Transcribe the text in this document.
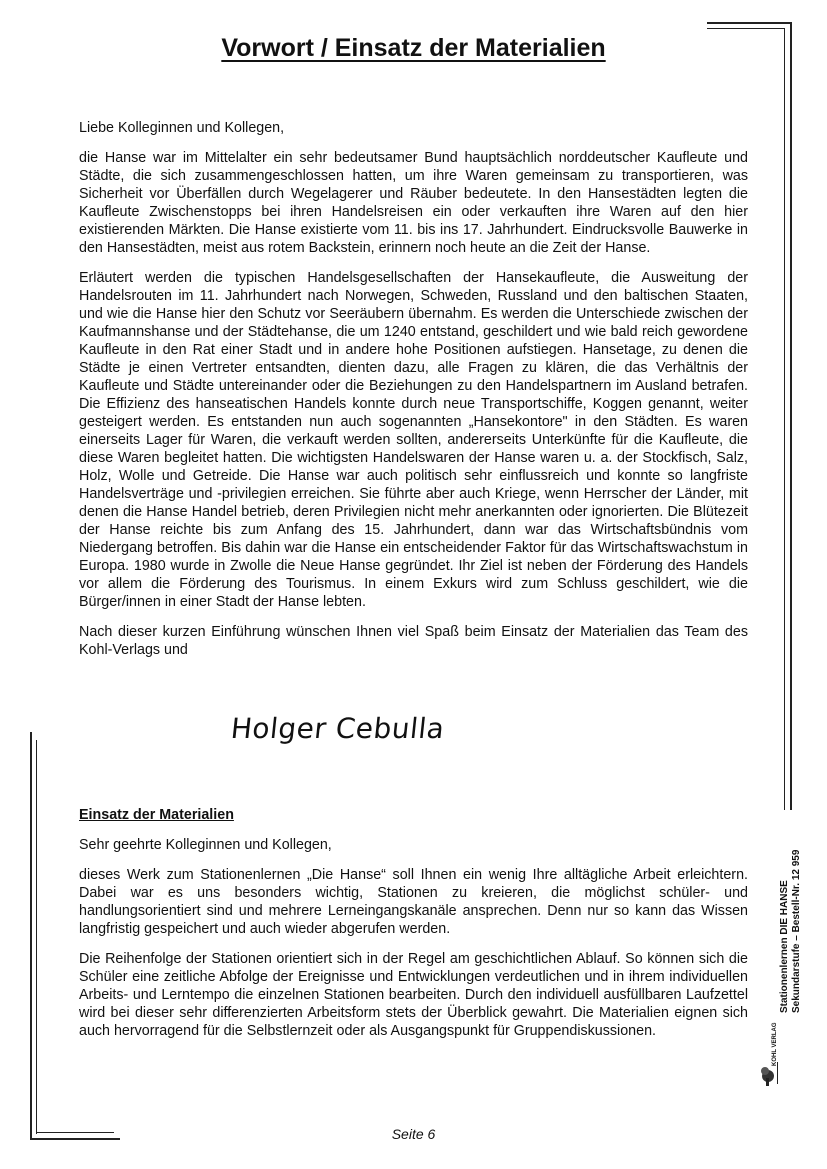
Vorwort / Einsatz der Materialien

Liebe Kolleginnen und Kollegen,

die Hanse war im Mittelalter ein sehr bedeutsamer Bund hauptsächlich norddeutscher Kaufleute und Städte, die sich zusammengeschlossen hatten, um ihre Waren gemeinsam zu transportieren, was Sicherheit vor Überfällen durch Wegelagerer und Räuber bedeutete. In den Hansestädten legten die Kaufleute Zwischenstopps bei ihren Handelsreisen ein oder verkauften ihre Waren auf den hier existierenden Märkten. Die Hanse existierte vom 11. bis ins 17. Jahrhundert. Eindrucksvolle Bauwerke in den Hansestädten, meist aus rotem Backstein, erinnern noch heute an die Zeit der Hanse.

Erläutert werden die typischen Handelsgesellschaften der Hansekaufleute, die Ausweitung der Handelsrouten im 11. Jahrhundert nach Norwegen, Schweden, Russland und den baltischen Staaten, und wie die Hanse hier den Schutz vor Seeräubern übernahm. Es werden die Unterschiede zwischen der Kaufmannshanse und der Städtehanse, die um 1240 entstand, geschildert und wie bald reich gewordene Kaufleute in den Rat einer Stadt und in andere hohe Positionen aufstiegen. Hansetage, zu denen die Städte je einen Vertreter entsandten, dienten dazu, alle Fragen zu klären, die das Verhältnis der Kaufleute und Städte untereinander oder die Beziehungen zu den Handelspartnern im Ausland betrafen. Die Effizienz des hanseatischen Handels konnte durch neue Transportschiffe, Koggen genannt, weiter gesteigert werden. Es entstanden nun auch sogenannten „Hansekontore" in den Städten. Es waren einerseits Lager für Waren, die verkauft werden sollten, andererseits Unterkünfte für die Kaufleute, die diese Waren begleitet hatten. Die wichtigsten Handelswaren der Hanse waren u. a. der Stockfisch, Salz, Holz, Wolle und Getreide. Die Hanse war auch politisch sehr einflussreich und konnte so langfriste Handelsverträge und -privilegien erreichen. Sie führte aber auch Kriege, wenn Herrscher der Länder, mit denen die Hanse Handel betrieb, deren Privilegien nicht mehr anerkannten oder ignorierten. Die Blütezeit der Hanse reichte bis zum Anfang des 15. Jahrhundert, dann war das Wirtschaftsbündnis vom Niedergang betroffen. Bis dahin war die Hanse ein entscheidender Faktor für das Wirtschaftswachstum in Europa. 1980 wurde in Zwolle die Neue Hanse gegründet. Ihr Ziel ist neben der Förderung des Handels vor allem die Förderung des Tourismus. In einem Exkurs wird zum Schluss geschildert, wie die Bürger/innen in einer Stadt der Hanse lebten.

Nach dieser kurzen Einführung wünschen Ihnen viel Spaß beim Einsatz der Materialien das Team des Kohl-Verlags und

Holger Cebulla
Einsatz der Materialien

Sehr geehrte Kolleginnen und Kollegen,

dieses Werk zum Stationenlernen „Die Hanse“ soll Ihnen ein wenig Ihre alltägliche Arbeit erleichtern. Dabei war es uns besonders wichtig, Stationen zu kreieren, die möglichst schüler- und handlungsorientiert sind und mehrere Lerneingangskanäle ansprechen. Denn nur so kann das Wissen langfristig gespeichert und auch wieder abgerufen werden.

Die Reihenfolge der Stationen orientiert sich in der Regel am geschichtlichen Ablauf. So können sich die Schüler eine zeitliche Abfolge der Ereignisse und Entwicklungen verdeutlichen und in ihrem individuellen Arbeits- und Lerntempo die einzelnen Stationen bearbeiten. Durch den individuell ausfüllbaren Laufzettel wird bei dieser sehr differenzierten Arbeitsform stets der Überblick gewahrt. Die Materialien eignen sich auch hervorragend für die Selbstlernzeit oder als Ausgangspunkt für Gruppendiskussionen.

Stationenlernen DIE HANSE Sekundarstufe – Bestell-Nr. 12 959
KOHL VERLAG
Seite 6
